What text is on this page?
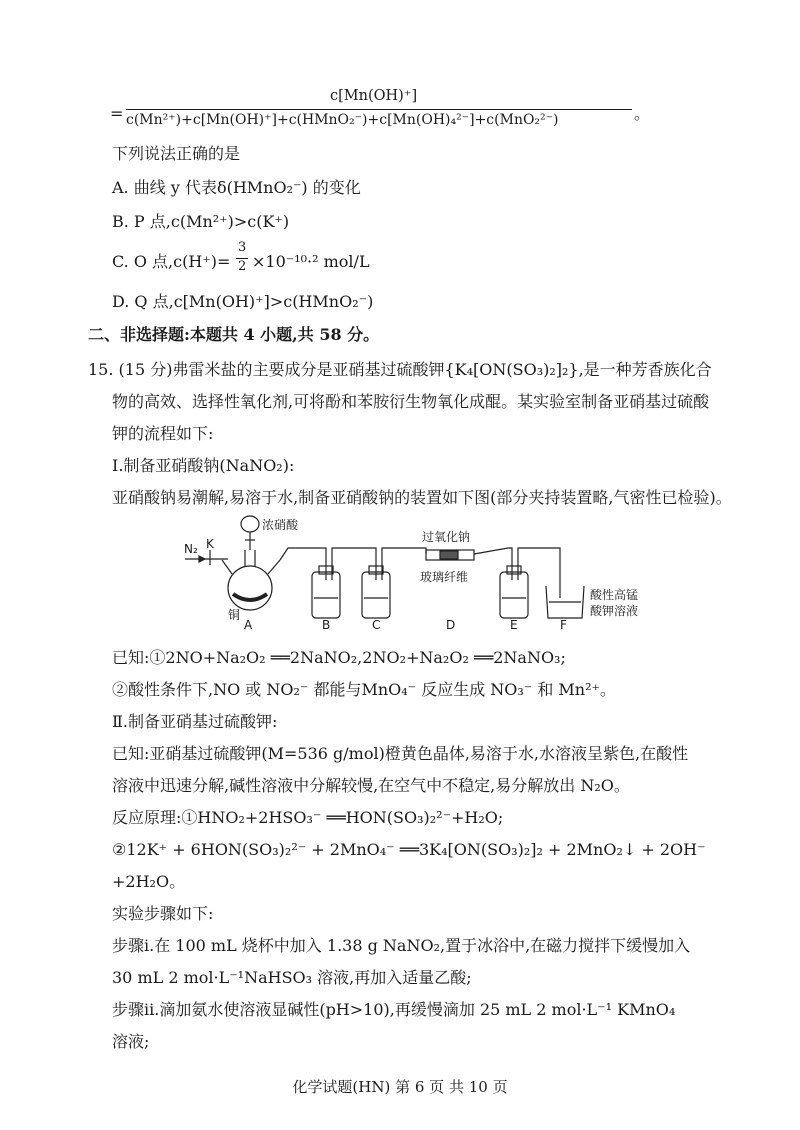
=
c[Mn(OH)⁺]
c(Mn²⁺)+c[Mn(OH)⁺]+c(HMnO₂⁻)+c[Mn(OH)₄²⁻]+c(MnO₂²⁻)	。
下列说法正确的是
A. 曲线 y 代表δ(HMnO₂⁻) 的变化
B. P 点,c(Mn²⁺)>c(K⁺)
C. O 点,c(H⁺)=
3
2 ×10⁻¹⁰·² mol/L
D. Q 点,c[Mn(OH)⁺]>c(HMnO₂⁻)
二、非选择题:本题共 4 小题,共 58 分。
15. (15 分)弗雷米盐的主要成分是亚硝基过硫酸钾{K₄[ON(SO₃)₂]₂},是一种芳香族化合
物的高效、选择性氧化剂,可将酚和苯胺衍生物氧化成醌。某实验室制备亚硝基过硫酸
钾的流程如下:
Ⅰ.制备亚硝酸钠(NaNO₂):
亚硝酸钠易潮解,易溶于水,制备亚硝酸钠的装置如下图(部分夹持装置略,气密性已检验)。
浓硝酸
N₂ K
铜
过氧化钠
玻璃纤维
酸性高锰
酸钾溶液
A	B	C	D	E	F
已知:①2NO+Na₂O₂ ══2NaNO₂,2NO₂+Na₂O₂ ══2NaNO₃;
②酸性条件下,NO 或 NO₂⁻ 都能与MnO₄⁻ 反应生成 NO₃⁻ 和 Mn²⁺。
Ⅱ.制备亚硝基过硫酸钾:
已知:亚硝基过硫酸钾(M=536 g/mol)橙黄色晶体,易溶于水,水溶液呈紫色,在酸性
溶液中迅速分解,碱性溶液中分解较慢,在空气中不稳定,易分解放出 N₂O。
反应原理:①HNO₂+2HSO₃⁻ ══HON(SO₃)₂²⁻+H₂O;
②12K⁺ + 6HON(SO₃)₂²⁻ + 2MnO₄⁻ ══3K₄[ON(SO₃)₂]₂ + 2MnO₂↓ + 2OH⁻
+2H₂O。
实验步骤如下:
步骤ⅰ.在 100 mL 烧杯中加入 1.38 g NaNO₂,置于冰浴中,在磁力搅拌下缓慢加入
30 mL 2 mol·L⁻¹NaHSO₃ 溶液,再加入适量乙酸;
步骤ⅱ.滴加氨水使溶液显碱性(pH>10),再缓慢滴加 25 mL 2 mol·L⁻¹ KMnO₄
溶液;
化学试题(HN) 第 6 页 共 10 页
